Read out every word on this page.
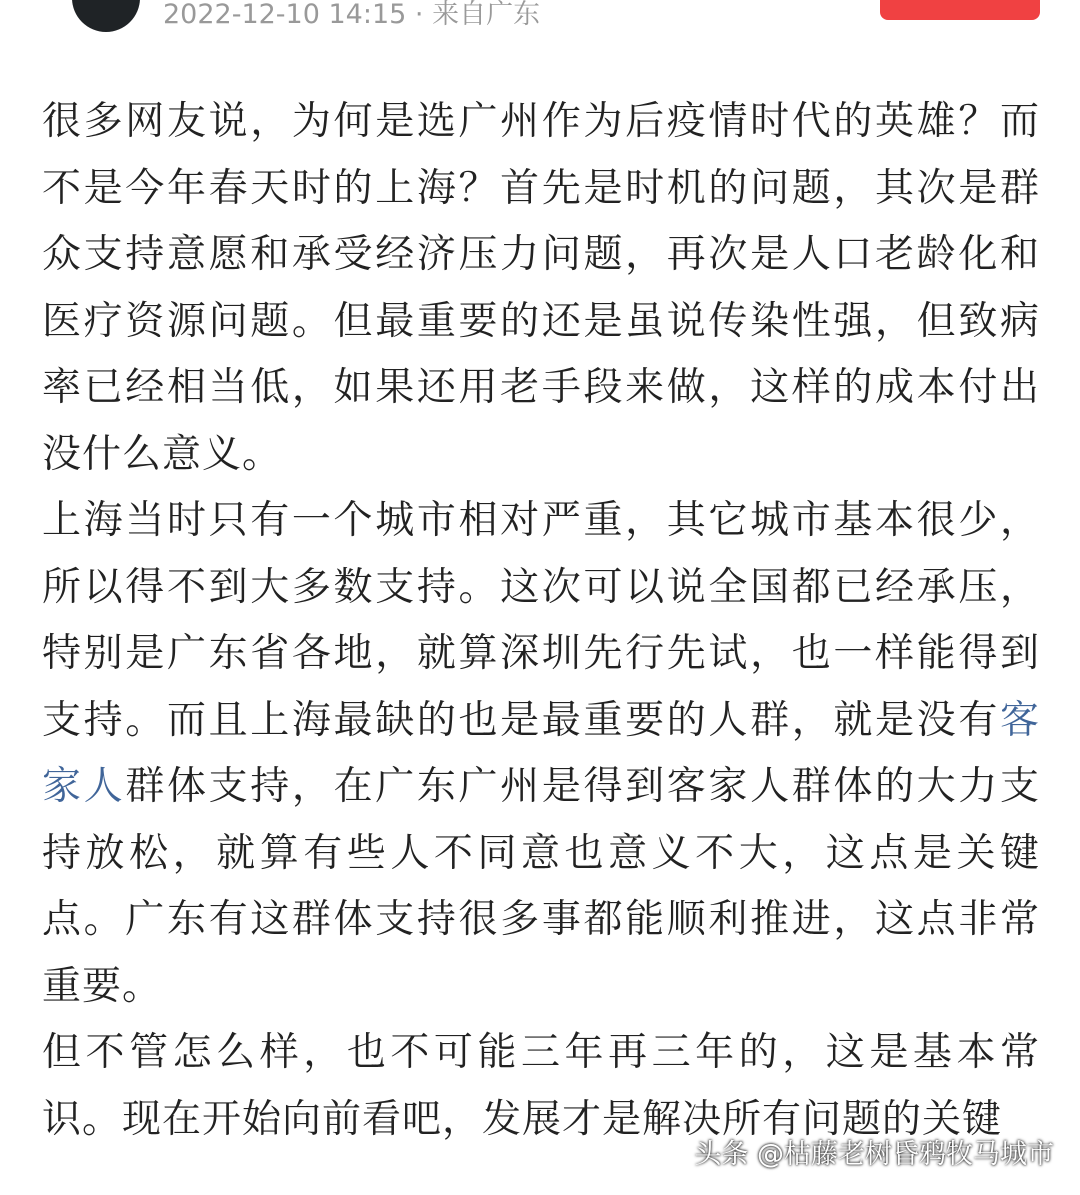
2022-12-10 14:15 · 来自广东

很多网友说，为何是选广州作为后疫情时代的英雄？而不是今年春天时的上海？首先是时机的问题，其次是群众支持意愿和承受经济压力问题，再次是人口老龄化和医疗资源问题。但最重要的还是虽说传染性强，但致病率已经相当低，如果还用老手段来做，这样的成本付出没什么意义。

上海当时只有一个城市相对严重，其它城市基本很少，所以得不到大多数支持。这次可以说全国都已经承压，特别是广东省各地，就算深圳先行先试，也一样能得到支持。而且上海最缺的也是最重要的人群，就是没有客家人群体支持，在广东广州是得到客家人群体的大力支持放松，就算有些人不同意也意义不大，这点是关键点。广东有这群体支持很多事都能顺利推进，这点非常重要。

但不管怎么样，也不可能三年再三年的，这是基本常识。现在开始向前看吧，发展才是解决所有问题的关键

头条 @枯藤老树昏鸦牧马城市
